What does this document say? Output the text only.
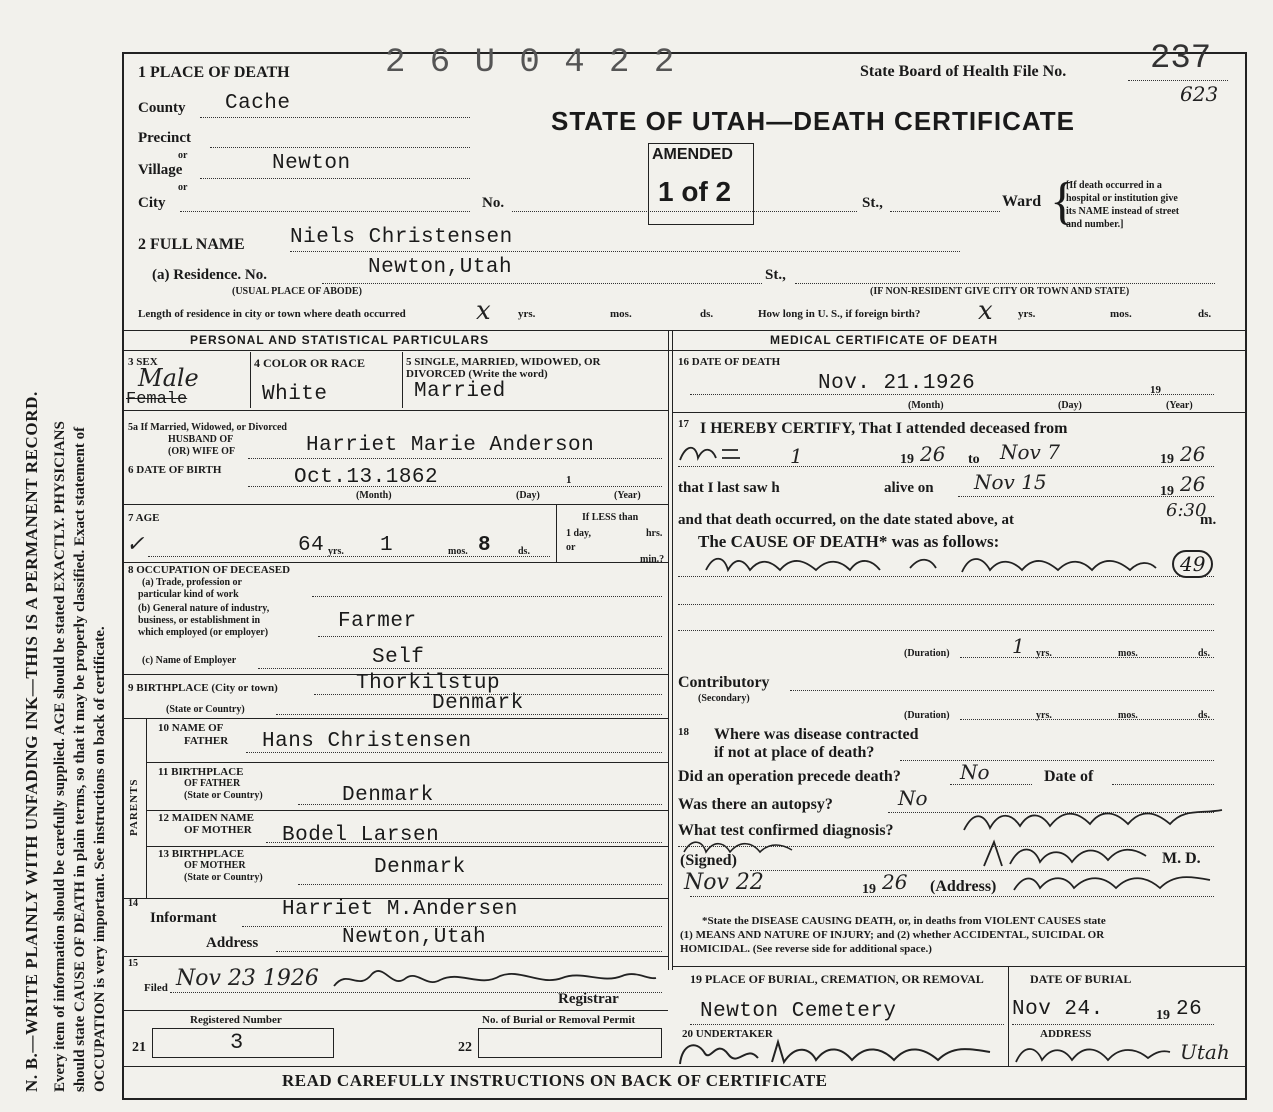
N. B.—WRITE PLAINLY WITH UNFADING INK—THIS IS A PERMANENT RECORD. Every item of information should be carefully supplied. AGE should be stated EXACTLY. PHYSICIANS should state CAUSE OF DEATH in plain terms, so that it may be properly classified. Exact statement of OCCUPATION is very important. See instructions on back of certificate.
1 PLACE OF DEATH	2 6 U 0 4 2 2	State Board of Health File No. 237
623
STATE OF UTAH—DEATH CERTIFICATE
County Cache
Precinct
or
Village	Newton
or
City	No.	St.,	Ward {
[If death occurred in a
hospital or institution give
its NAME instead of street
and number.]
AMENDED
1 of 2
2 FULL NAME Niels Christensen
(a) Residence. No.	Newton,Utah	St.,
(USUAL PLACE OF ABODE)	(IF NON-RESIDENT GIVE CITY OR TOWN AND STATE)
Length of residence in city or town where death occurred	x yrs.	mos.	ds.	How long in U. S., if foreign birth? x yrs.	mos.	ds.
PERSONAL AND STATISTICAL PARTICULARS	MEDICAL CERTIFICATE OF DEATH
3 SEX
Male
Female
4 COLOR OR RACE
White
5 SINGLE, MARRIED, WIDOWED, OR DIVORCED (Write the word)
Married
5a If Married, Widowed, or Divorced
HUSBAND OF
(OR) WIFE OF	Harriet Marie Anderson
6 DATE OF BIRTH	Oct.13.1862	1
(Month)	(Day)	(Year)
7 AGE
✓	64 yrs. 1	mos. 8	ds.
If LESS than
1 day,	hrs.
or
min.?
8 OCCUPATION OF DECEASED
(a) Trade, profession or
particular kind of work
(b) General nature of industry,
business, or establishment in
which employed (or employer)	Farmer
(c) Name of Employer	Self
9 BIRTHPLACE (City or town)	Thorkilstup
(State or Country)	Denmark
PARENTS
10 NAME OF
FATHER Hans Christensen
11 BIRTHPLACE
OF FATHER
(State or Country)	Denmark
12 MAIDEN NAME
OF MOTHER Bodel Larsen
13 BIRTHPLACE
OF MOTHER
(State or Country)	Denmark
14
Informant	Harriet M.Andersen
Address	Newton,Utah
15
Filed Nov 23 1926
Registrar
Registered Number	No. of Burial or Removal Permit
21	3	22
16 DATE OF DEATH
Nov. 21.1926	19
(Month)	(Day)	(Year)
17 I HEREBY CERTIFY, That I attended deceased from
1	19 26 to Nov 7	19 26
that I last saw h	alive on Nov 15	19 26
and that death occurred, on the date stated above, at	6:30
m.
The CAUSE OF DEATH* was as follows:
49
(Duration)	1 yrs.	mos.	ds.
Contributory
(Secondary)
(Duration)	yrs.	mos.	ds.
18 Where was disease contracted
if not at place of death?
Did an operation precede death?	No	Date of
Was there an autopsy?	No
What test confirmed diagnosis?
(Signed)	M. D.
Nov 22	19 26 (Address)
*State the DISEASE CAUSING DEATH, or, in deaths from VIOLENT CAUSES state
(1) MEANS AND NATURE OF INJURY; and (2) whether ACCIDENTAL, SUICIDAL OR
HOMICIDAL. (See reverse side for additional space.)
19 PLACE OF BURIAL, CREMATION, OR REMOVAL	DATE OF BURIAL
Newton Cemetery	Nov 24.	19 26
20 UNDERTAKER	ADDRESS
Utah
READ CAREFULLY INSTRUCTIONS ON BACK OF CERTIFICATE
